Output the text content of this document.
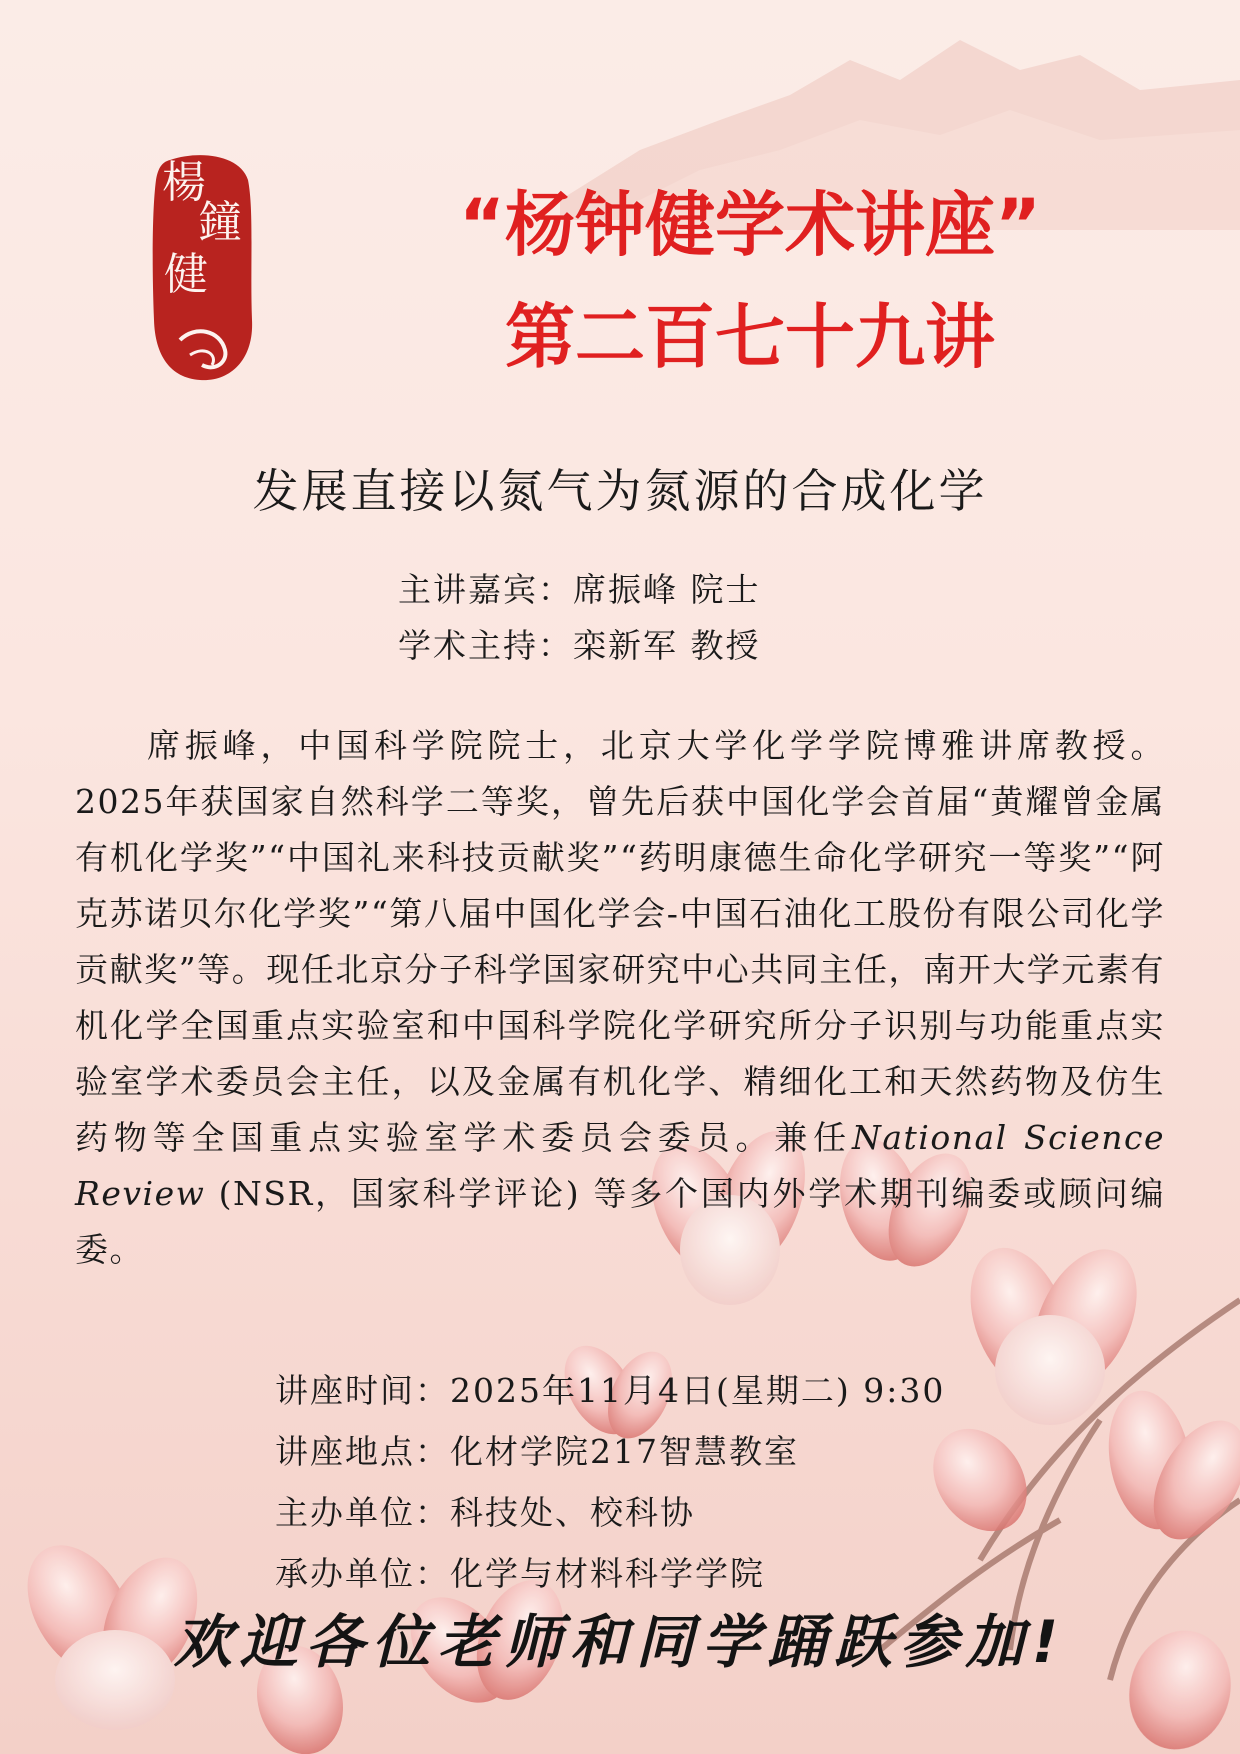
楊
鐘
健
“杨钟健学术讲座”
第二百七十九讲
发展直接以氮气为氮源的合成化学
主讲嘉宾：席振峰 院士
学术主持：栾新军 教授
席振峰，中国科学院院士，北京大学化学学院博雅讲席教授。2025年获国家自然科学二等奖，曾先后获中国化学会首届“黄耀曾金属有机化学奖”“中国礼来科技贡献奖”“药明康德生命化学研究一等奖”“阿克苏诺贝尔化学奖”“第八届中国化学会-中国石油化工股份有限公司化学贡献奖”等。现任北京分子科学国家研究中心共同主任，南开大学元素有机化学全国重点实验室和中国科学院化学研究所分子识别与功能重点实验室学术委员会主任，以及金属有机化学、精细化工和天然药物及仿生药物等全国重点实验室学术委员会委员。兼任National Science Review (NSR，国家科学评论) 等多个国内外学术期刊编委或顾问编委。
讲座时间：2025年11月4日(星期二) 9:30
讲座地点：化材学院217智慧教室
主办单位：科技处、校科协
承办单位：化学与材料科学学院
欢迎各位老师和同学踊跃参加!
